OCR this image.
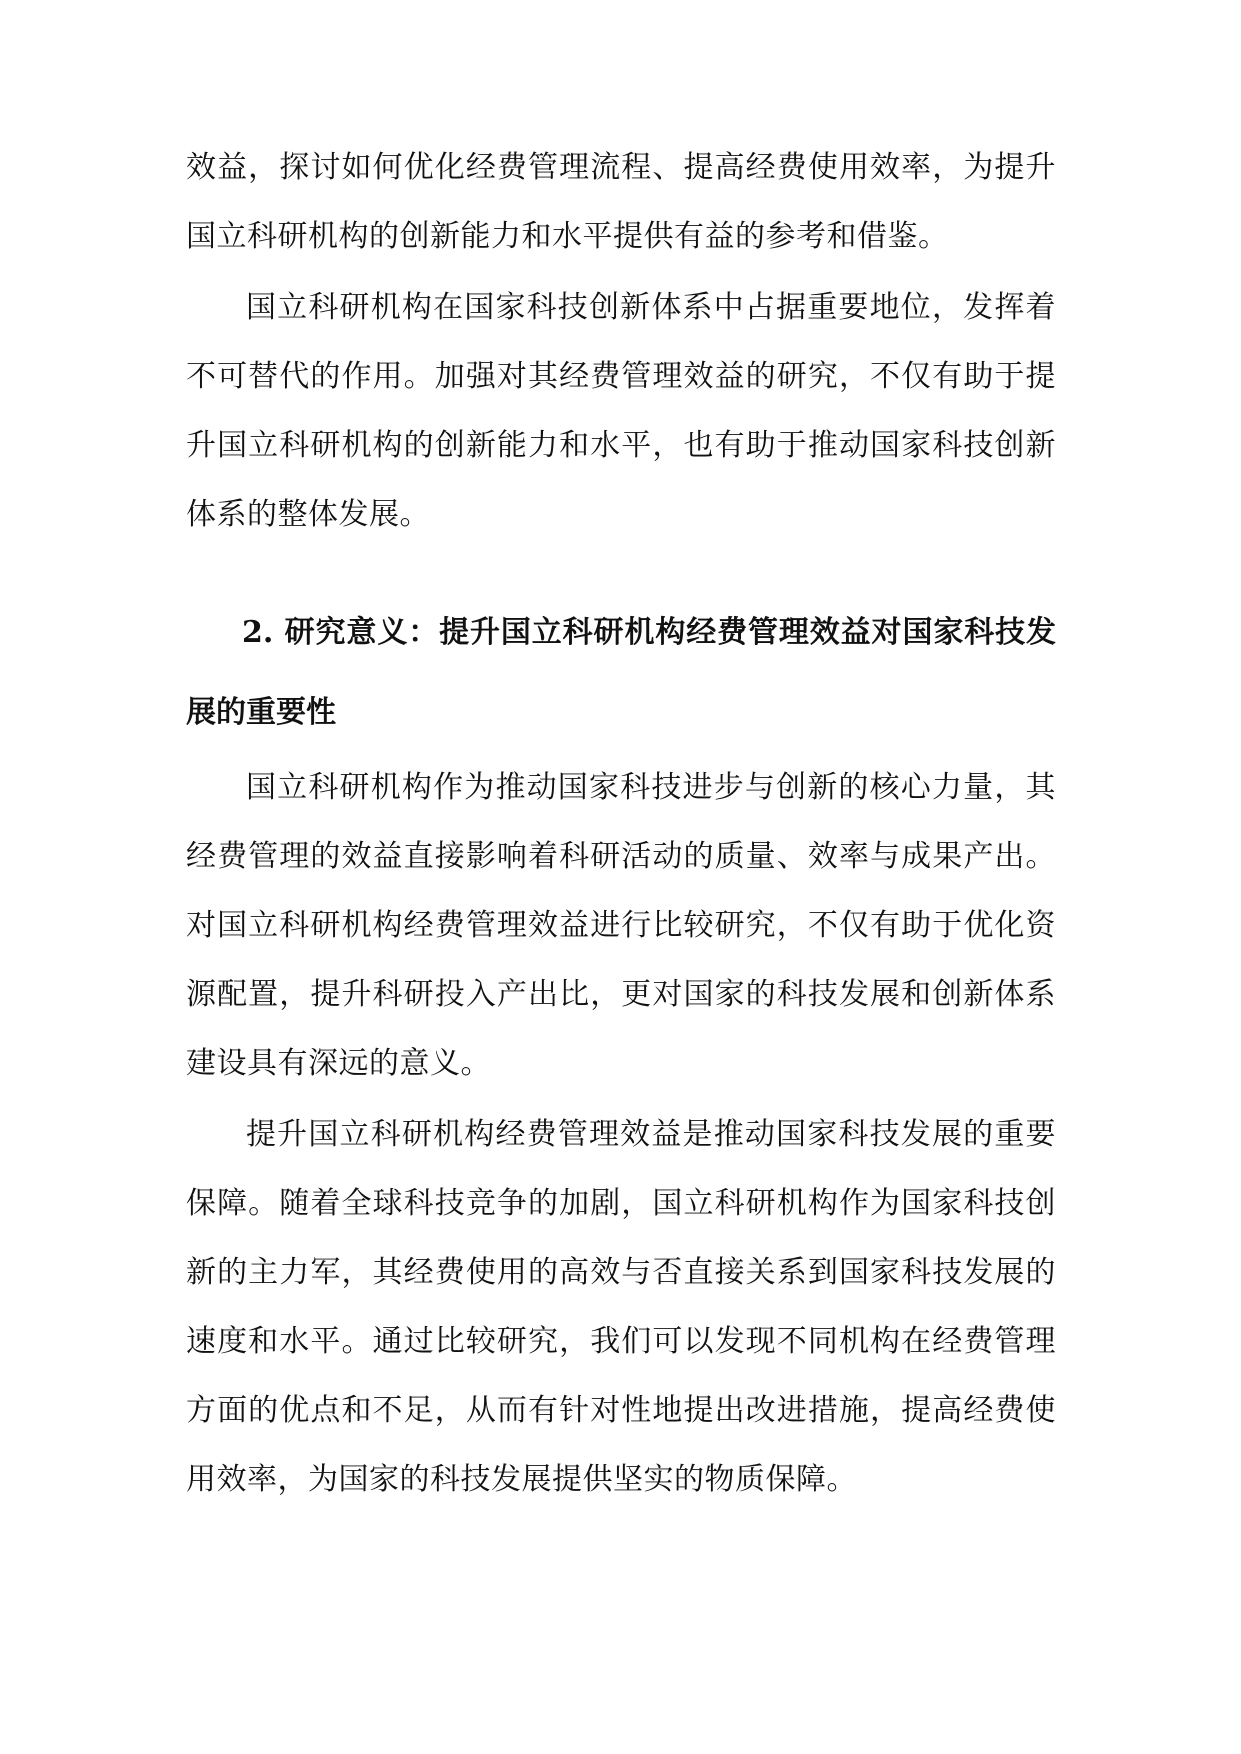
效益，探讨如何优化经费管理流程、提高经费使用效率，为提升国立科研机构的创新能力和水平提供有益的参考和借鉴。

国立科研机构在国家科技创新体系中占据重要地位，发挥着不可替代的作用。加强对其经费管理效益的研究，不仅有助于提升国立科研机构的创新能力和水平，也有助于推动国家科技创新体系的整体发展。

2. 研究意义：提升国立科研机构经费管理效益对国家科技发展的重要性

国立科研机构作为推动国家科技进步与创新的核心力量，其经费管理的效益直接影响着科研活动的质量、效率与成果产出。对国立科研机构经费管理效益进行比较研究，不仅有助于优化资源配置，提升科研投入产出比，更对国家的科技发展和创新体系建设具有深远的意义。

提升国立科研机构经费管理效益是推动国家科技发展的重要保障。随着全球科技竞争的加剧，国立科研机构作为国家科技创新的主力军，其经费使用的高效与否直接关系到国家科技发展的速度和水平。通过比较研究，我们可以发现不同机构在经费管理方面的优点和不足，从而有针对性地提出改进措施，提高经费使用效率，为国家的科技发展提供坚实的物质保障。
